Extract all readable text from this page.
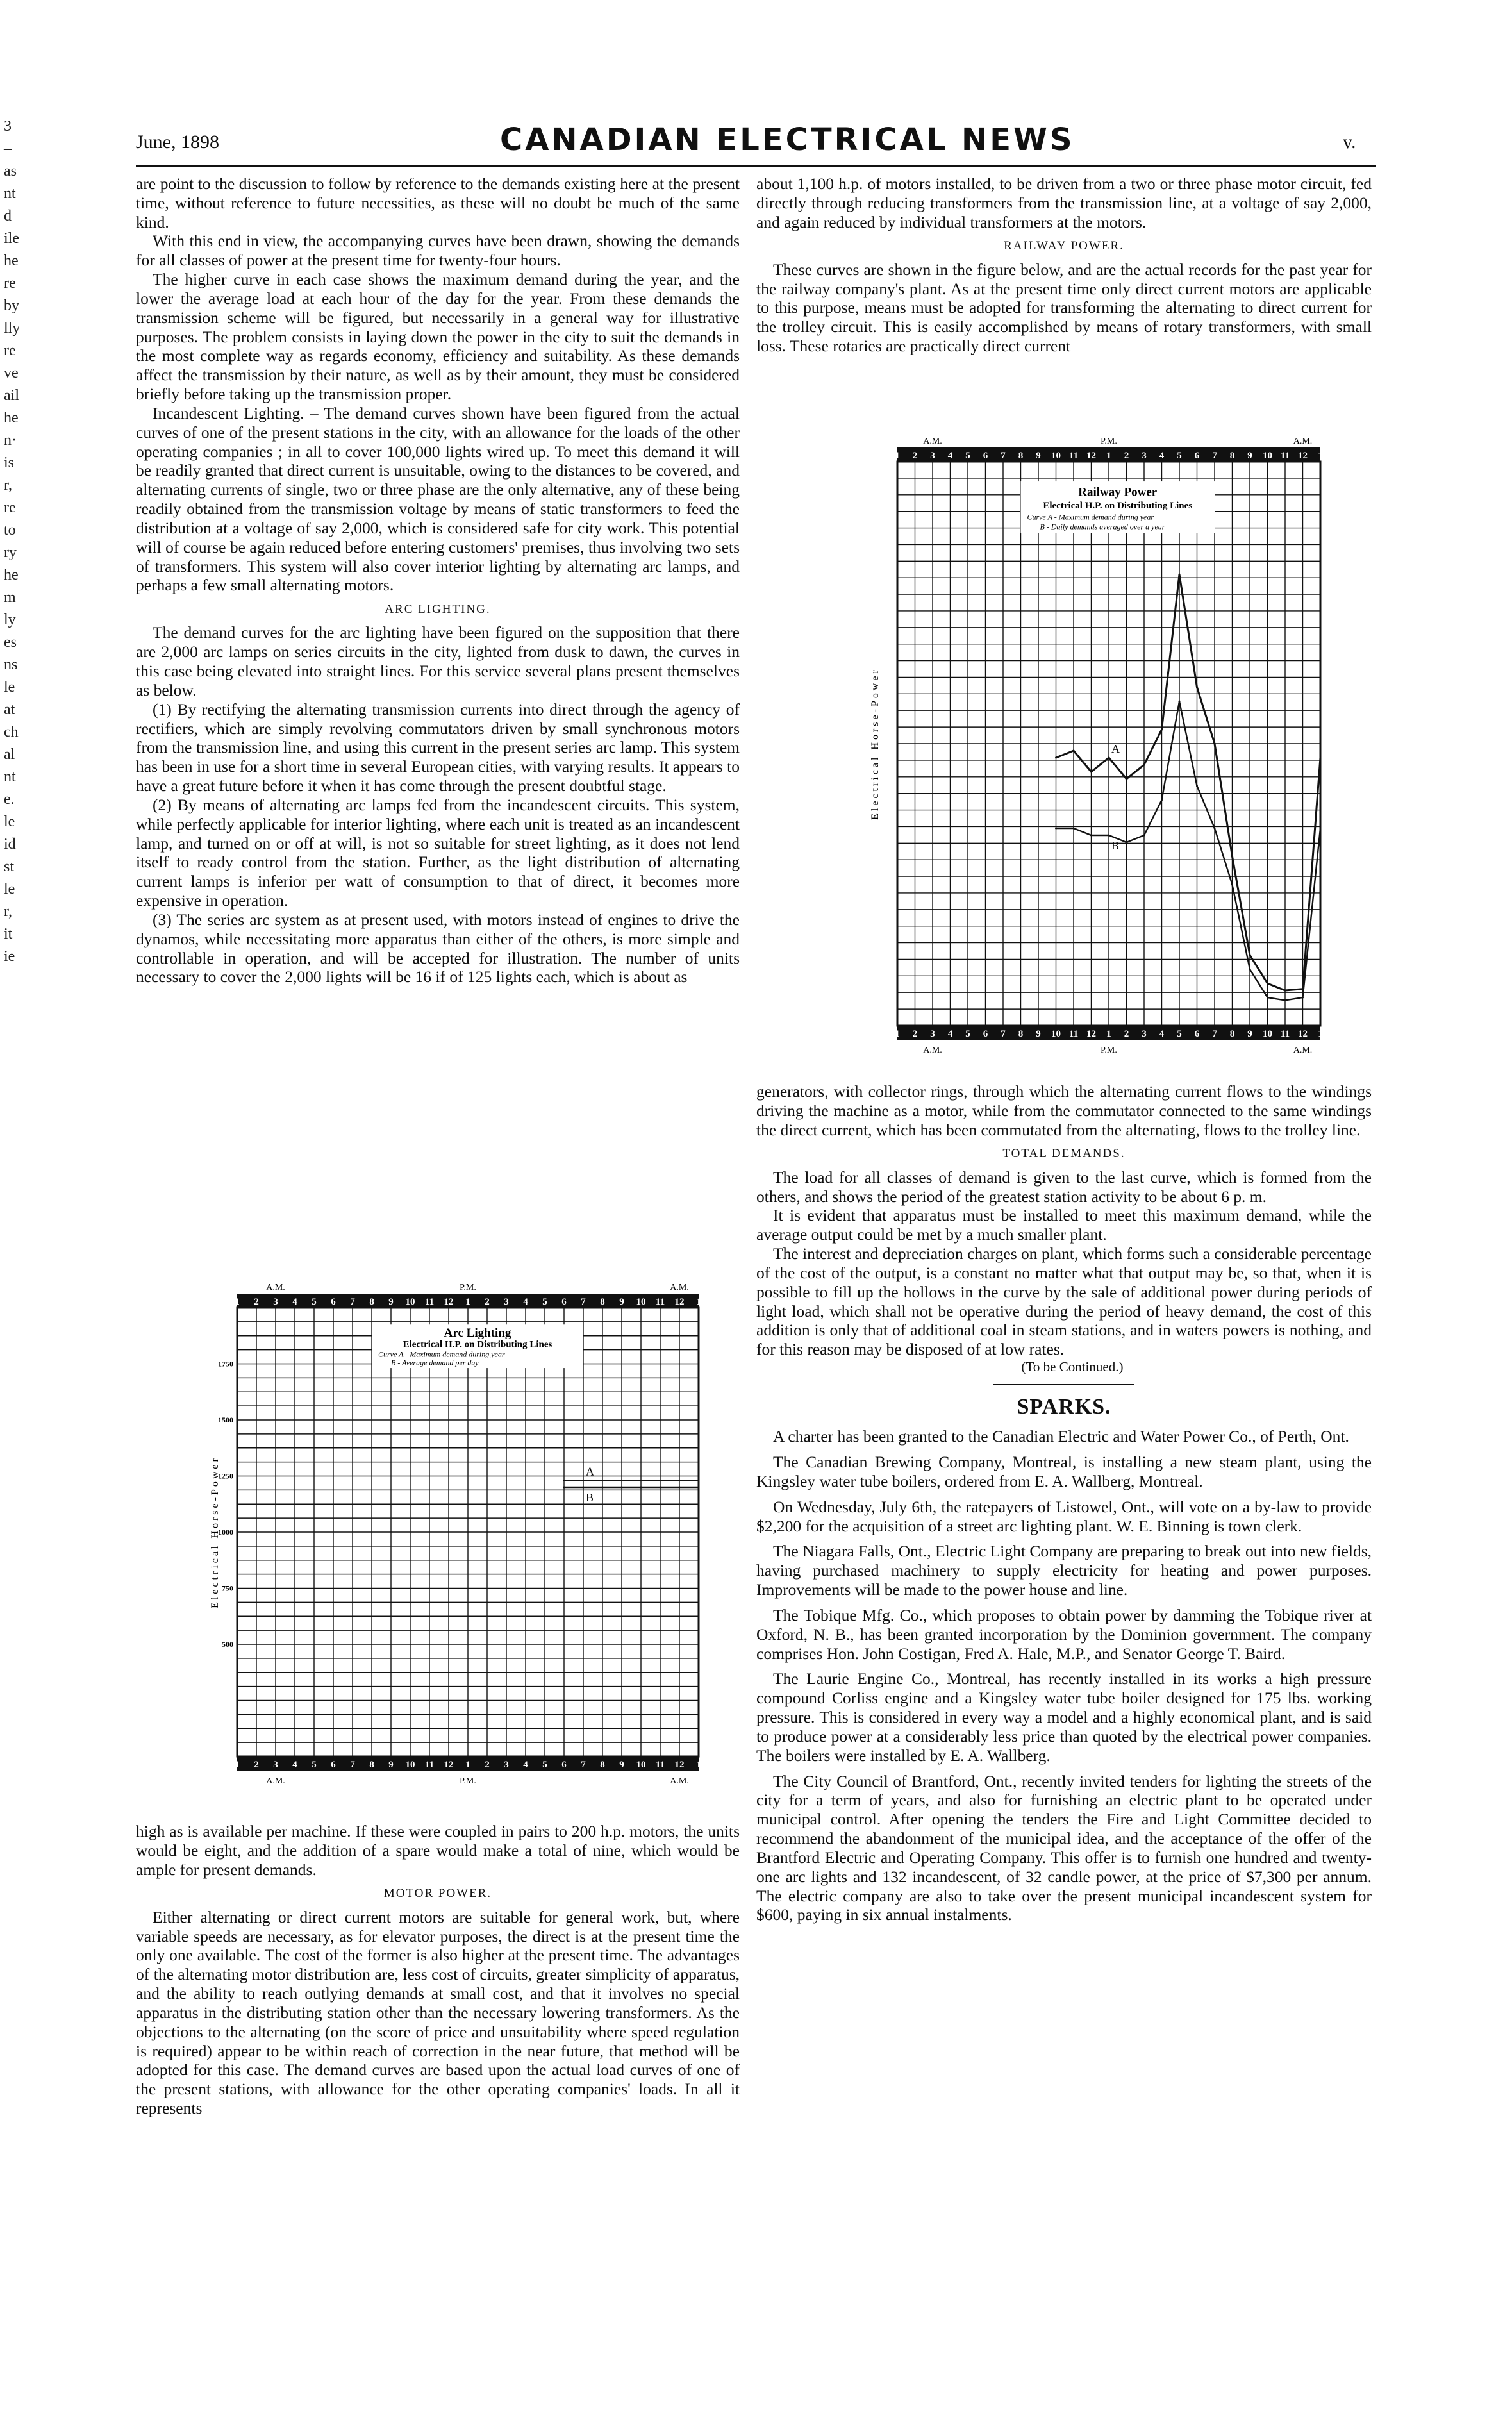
3
–
as
nt
d
ile
he
re
by
lly
re
ve
ail
he
n·
is
r,
re
to
ry
he
m
ly
es
ns
le
at
ch
al
nt
e.
le
id
st
le
r,
it
ie
June, 1898	CANADIAN ELECTRICAL NEWS	v.

are point to the discussion to follow by reference to the demands existing here at the present time, without reference to future necessities, as these will no doubt be much of the same kind.

With this end in view, the accompanying curves have been drawn, showing the demands for all classes of power at the present time for twenty-four hours.

The higher curve in each case shows the maximum demand during the year, and the lower the average load at each hour of the day for the year. From these demands the transmission scheme will be figured, but necessarily in a general way for illustrative purposes. The problem consists in laying down the power in the city to suit the demands in the most complete way as regards economy, efficiency and suitability. As these demands affect the transmission by their nature, as well as by their amount, they must be considered briefly before taking up the transmission proper.

Incandescent Lighting. – The demand curves shown have been figured from the actual curves of one of the present stations in the city, with an allowance for the loads of the other operating companies ; in all to cover 100,000 lights wired up. To meet this demand it will be readily granted that direct current is unsuitable, owing to the distances to be covered, and alternating currents of single, two or three phase are the only alternative, any of these being readily obtained from the transmission voltage by means of static transformers to feed the distribution at a voltage of say 2,000, which is considered safe for city work. This potential will of course be again reduced before entering customers' premises, thus involving two sets of transformers. This system will also cover interior lighting by alternating arc lamps, and perhaps a few small alternating motors.

ARC LIGHTING.

The demand curves for the arc lighting have been figured on the supposition that there are 2,000 arc lamps on series circuits in the city, lighted from dusk to dawn, the curves in this case being elevated into straight lines. For this service several plans present themselves as below.

(1) By rectifying the alternating transmission currents into direct through the agency of rectifiers, which are simply revolving commutators driven by small synchronous motors from the transmission line, and using this current in the present series arc lamp. This system has been in use for a short time in several European cities, with varying results. It appears to have a great future before it when it has come through the present doubtful stage.

(2) By means of alternating arc lamps fed from the incandescent circuits. This system, while perfectly applicable for interior lighting, where each unit is treated as an incandescent lamp, and turned on or off at will, is not so suitable for street lighting, as it does not lend itself to ready control from the station. Further, as the light distribution of alternating current lamps is inferior per watt of consumption to that of direct, it becomes more expensive in operation.

(3) The series arc system as at present used, with motors instead of engines to drive the dynamos, while necessitating more apparatus than either of the others, is more simple and controllable in operation, and will be accepted for illustration. The number of units necessary to cover the 2,000 lights will be 16 if of 125 lights each, which is about as

1
1
2
2
3
3
4
4
5
5
6
6
7
7
8
8
9
9
10
10
11
11
12
12
1
1
2
2
3
3
4
4
5
5
6
6
7
7
8
8
9
9
10
10
11
11
12
12
1
1
A.M.	P.M.	A.M.
A.M.	P.M.	A.M.
Arc Lighting
Electrical H.P. on Distributing Lines
Curve A - Maximum demand during year
B - Average demand per day
Electrical Horse-Power
1750
1500
1250
1000
750
500
A
B

high as is available per machine. If these were coupled in pairs to 200 h.p. motors, the units would be eight, and the addition of a spare would make a total of nine, which would be ample for present demands.

MOTOR POWER.

Either alternating or direct current motors are suitable for general work, but, where variable speeds are necessary, as for elevator purposes, the direct is at the present time the only one available. The cost of the former is also higher at the present time. The advantages of the alternating motor distribution are, less cost of circuits, greater simplicity of apparatus, and the ability to reach outlying demands at small cost, and that it involves no special apparatus in the distributing station other than the necessary lowering transformers. As the objections to the alternating (on the score of price and unsuitability where speed regulation is required) appear to be within reach of correction in the near future, that method will be adopted for this case. The demand curves are based upon the actual load curves of one of the present stations, with allowance for the other operating companies' loads. In all it represents

about 1,100 h.p. of motors installed, to be driven from a two or three phase motor circuit, fed directly through reducing transformers from the transmission line, at a voltage of say 2,000, and again reduced by individual transformers at the motors.

RAILWAY POWER.

These curves are shown in the figure below, and are the actual records for the past year for the railway company's plant. As at the present time only direct current motors are applicable to this purpose, means must be adopted for transforming the alternating to direct current for the trolley circuit. This is easily accomplished by means of rotary transformers, with small loss. These rotaries are practically direct current

1
1
2
2
3
3
4
4
5
5
6
6
7
7
8
8
9
9
10
10
11
11
12
12
1
1
2
2
3
3
4
4
5
5
6
6
7
7
8
8
9
9
10
10
11
11
12
12
1
1
A.M.	P.M.	A.M.
A.M.	P.M.	A.M.
Railway Power
Electrical H.P. on Distributing Lines
Curve A - Maximum demand during year
B - Daily demands averaged over a year
Electrical Horse-Power	A
B

generators, with collector rings, through which the alternating current flows to the windings driving the machine as a motor, while from the commutator connected to the same windings the direct current, which has been commutated from the alternating, flows to the trolley line.

TOTAL DEMANDS.

The load for all classes of demand is given to the last curve, which is formed from the others, and shows the period of the greatest station activity to be about 6 p. m.

It is evident that apparatus must be installed to meet this maximum demand, while the average output could be met by a much smaller plant.

The interest and depreciation charges on plant, which forms such a considerable percentage of the cost of the output, is a constant no matter what that output may be, so that, when it is possible to fill up the hollows in the curve by the sale of additional power during periods of light load, which shall not be operative during the period of heavy demand, the cost of this addition is only that of additional coal in steam stations, and in waters powers is nothing, and for this reason may be disposed of at low rates.

(To be Continued.)

SPARKS.

A charter has been granted to the Canadian Electric and Water Power Co., of Perth, Ont.

The Canadian Brewing Company, Montreal, is installing a new steam plant, using the Kingsley water tube boilers, ordered from E. A. Wallberg, Montreal.

On Wednesday, July 6th, the ratepayers of Listowel, Ont., will vote on a by-law to provide $2,200 for the acquisition of a street arc lighting plant. W. E. Binning is town clerk.

The Niagara Falls, Ont., Electric Light Company are preparing to break out into new fields, having purchased machinery to supply electricity for heating and power purposes. Improvements will be made to the power house and line.

The Tobique Mfg. Co., which proposes to obtain power by damming the Tobique river at Oxford, N. B., has been granted incorporation by the Dominion government. The company comprises Hon. John Costigan, Fred A. Hale, M.P., and Senator George T. Baird.

The Laurie Engine Co., Montreal, has recently installed in its works a high pressure compound Corliss engine and a Kingsley water tube boiler designed for 175 lbs. working pressure. This is considered in every way a model and a highly economical plant, and is said to produce power at a considerably less price than quoted by the electrical power companies. The boilers were installed by E. A. Wallberg.

The City Council of Brantford, Ont., recently invited tenders for lighting the streets of the city for a term of years, and also for furnishing an electric plant to be operated under municipal control. After opening the tenders the Fire and Light Committee decided to recommend the abandonment of the municipal idea, and the acceptance of the offer of the Brantford Electric and Operating Company. This offer is to furnish one hundred and twenty-one arc lights and 132 incandescent, of 32 candle power, at the price of $7,300 per annum. The electric company are also to take over the present municipal incandescent system for $600, paying in six annual instalments.
